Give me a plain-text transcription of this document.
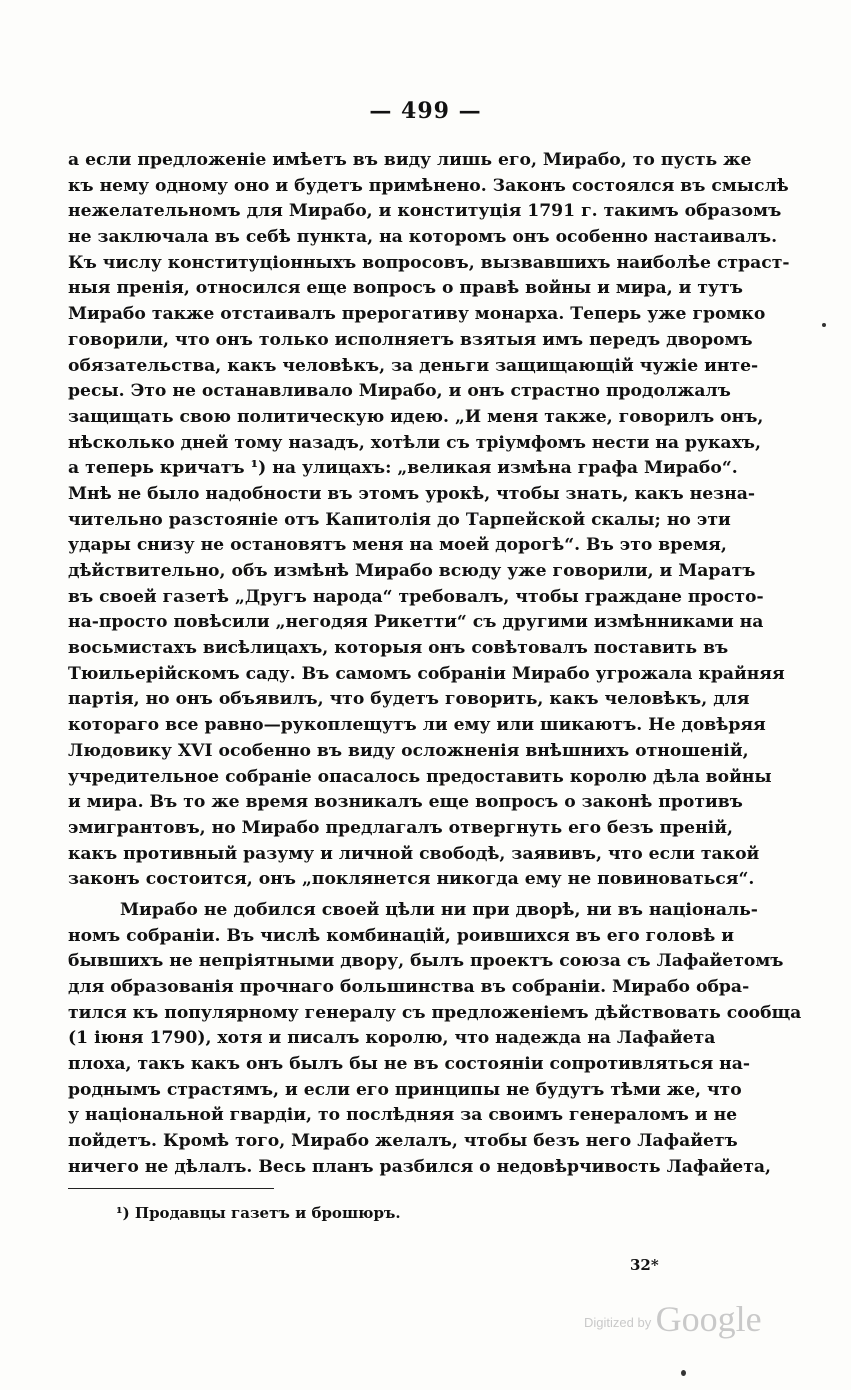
— 499 —
а если предложеніе имѣетъ въ виду лишь его, Мирабо, то пусть же
къ нему одному оно и будетъ примѣнено. Законъ состоялся въ смыслѣ
нежелательномъ для Мирабо, и конституція 1791 г. такимъ образомъ
не заключала въ себѣ пункта, на которомъ онъ особенно настаивалъ.
Къ числу конституціонныхъ вопросовъ, вызвавшихъ наиболѣе страст-
ныя пренія, относился еще вопросъ о правѣ войны и мира, и тутъ
Мирабо также отстаивалъ прерогативу монарха. Теперь уже громко
говорили, что онъ только исполняетъ взятыя имъ передъ дворомъ
обязательства, какъ человѣкъ, за деньги защищающій чужіе инте-
ресы. Это не останавливало Мирабо, и онъ страстно продолжалъ
защищать свою политическую идею. „И меня также, говорилъ онъ,
нѣсколько дней тому назадъ, хотѣли съ тріумфомъ нести на рукахъ,
а теперь кричатъ ¹) на улицахъ: „великая измѣна графа Мирабо“.
Мнѣ не было надобности въ этомъ урокѣ, чтобы знать, какъ незна-
чительно разстояніе отъ Капитолія до Тарпейской скалы; но эти
удары снизу не остановятъ меня на моей дорогѣ“. Въ это время,
дѣйствительно, объ измѣнѣ Мирабо всюду уже говорили, и Маратъ
въ своей газетѣ „Другъ народа“ требовалъ, чтобы граждане просто-
на-просто повѣсили „негодяя Рикетти“ съ другими измѣнниками на
восьмистахъ висѣлицахъ, которыя онъ совѣтовалъ поставить въ
Тюильерійскомъ саду. Въ самомъ собраніи Мирабо угрожала крайняя
партія, но онъ объявилъ, что будетъ говорить, какъ человѣкъ, для
котораго все равно—рукоплещутъ ли ему или шикаютъ. Не довѣряя
Людовику XVI особенно въ виду осложненія внѣшнихъ отношеній,
учредительное собраніе опасалось предоставить королю дѣла войны
и мира. Въ то же время возникалъ еще вопросъ о законѣ противъ
эмигрантовъ, но Мирабо предлагалъ отвергнуть его безъ преній,
какъ противный разуму и личной свободѣ, заявивъ, что если такой
законъ состоится, онъ „поклянется никогда ему не повиноваться“.
Мирабо не добился своей цѣли ни при дворѣ, ни въ національ-
номъ собраніи. Въ числѣ комбинацій, роившихся въ его головѣ и
бывшихъ не непріятными двору, былъ проектъ союза съ Лафайетомъ
для образованія прочнаго большинства въ собраніи. Мирабо обра-
тился къ популярному генералу съ предложеніемъ дѣйствовать сообща
(1 іюня 1790), хотя и писалъ королю, что надежда на Лафайета
плоха, такъ какъ онъ былъ бы не въ состояніи сопротивляться на-
роднымъ страстямъ, и если его принципы не будутъ тѣми же, что
у національной гвардіи, то послѣдняя за своимъ генераломъ и не
пойдетъ. Кромѣ того, Мирабо желалъ, чтобы безъ него Лафайетъ
ничего не дѣлалъ. Весь планъ разбился о недовѣрчивость Лафайета,
¹) Продавцы газетъ и брошюръ.
32*
$^{Digitized by}$ Google
